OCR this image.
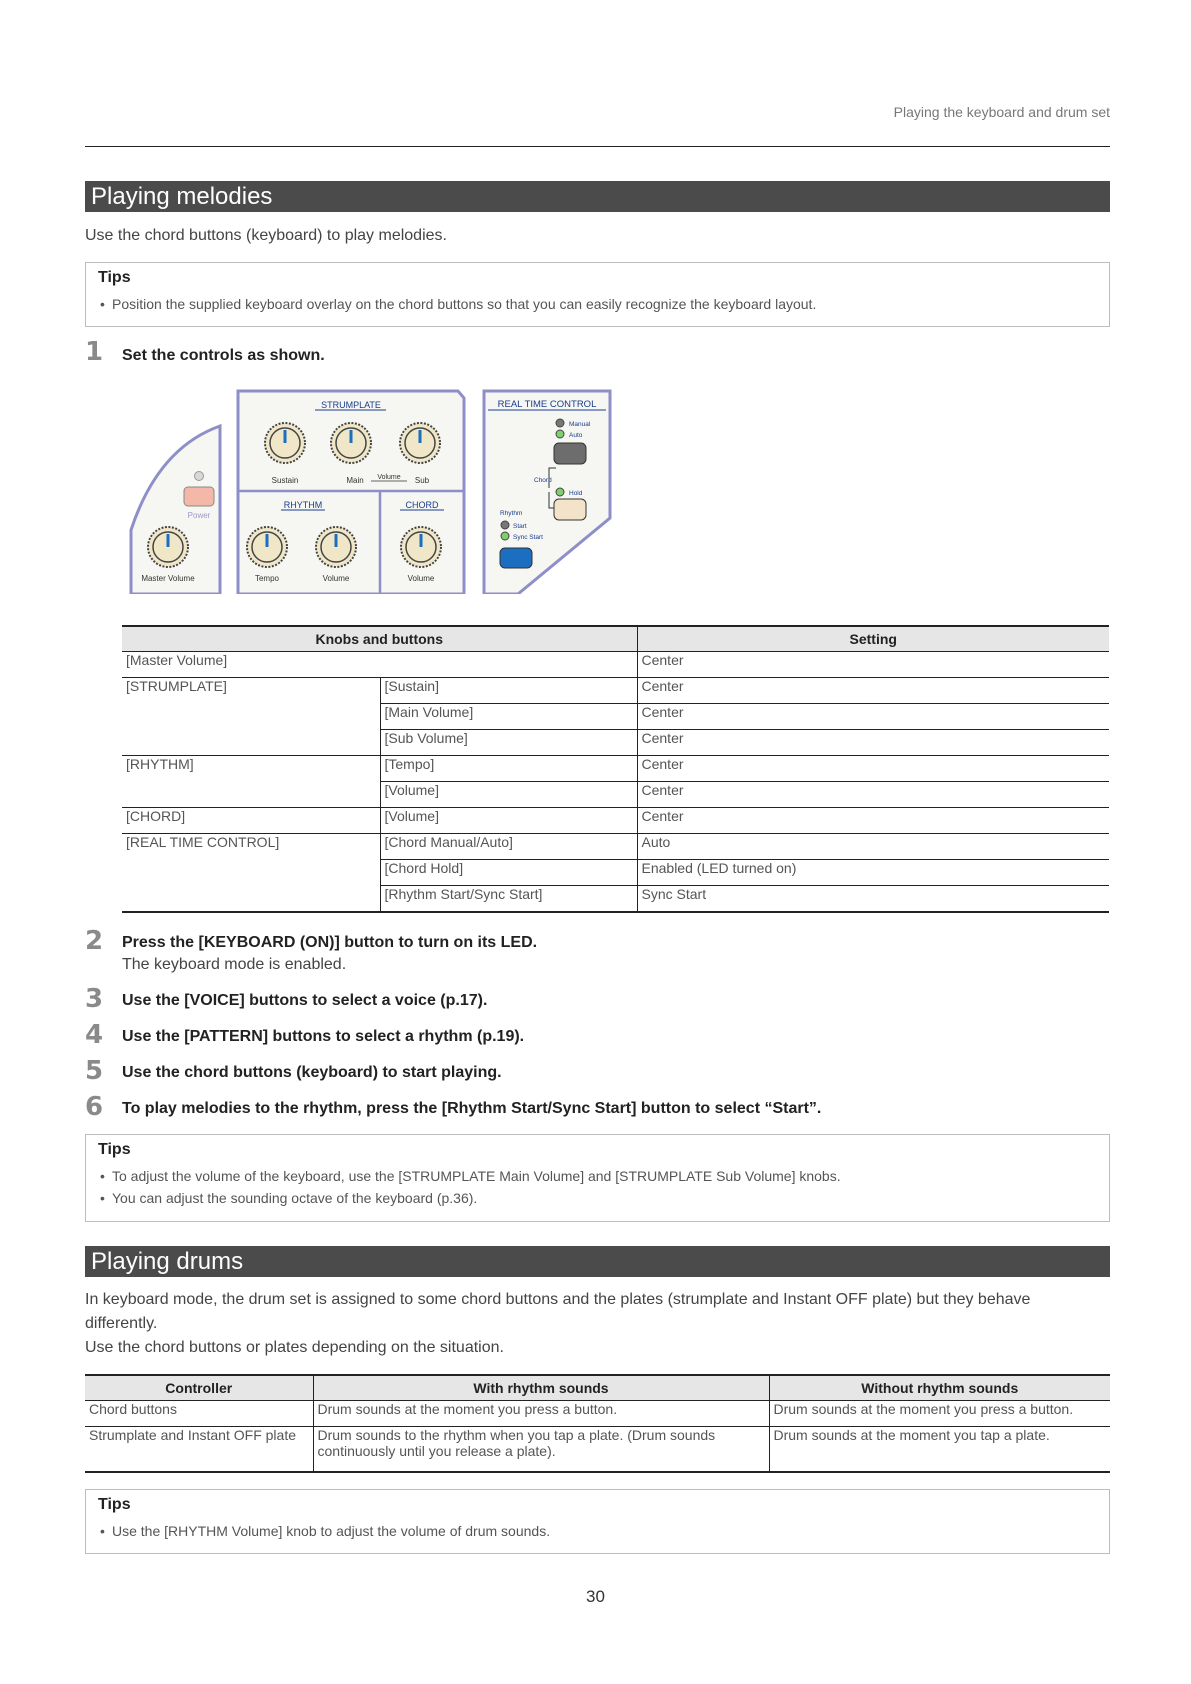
Playing the keyboard and drum set
Playing melodies
Use the chord buttons (keyboard) to play melodies.
Tips
• Position the supplied keyboard overlay on the chord buttons so that you can easily recognize the keyboard layout.
1 Set the controls as shown.
Power
Master Volume
STRUMPLATE
Sustain	Main Volume Sub
RHYTHM
Tempo	Volume
CHORD
Volume
REAL TIME CONTROL
Manual
Auto
Chord
Hold
Rhythm
Start
Sync Start
Knobs and buttons		Setting
[Master Volume]		Center
[STRUMPLATE]	[Sustain]	Center
	[Main Volume]	Center
	[Sub Volume]	Center
[RHYTHM]	[Tempo]	Center
	[Volume]	Center
[CHORD]	[Volume]	Center
[REAL TIME CONTROL]	[Chord Manual/Auto]	Auto
	[Chord Hold]	Enabled (LED turned on)
	[Rhythm Start/Sync Start]	Sync Start
2 Press the [KEYBOARD (ON)] button to turn on its LED.
The keyboard mode is enabled.
3 Use the [VOICE] buttons to select a voice (p.17).
4 Use the [PATTERN] buttons to select a rhythm (p.19).
5 Use the chord buttons (keyboard) to start playing.
6 To play melodies to the rhythm, press the [Rhythm Start/Sync Start] button to select “Start”.
Tips
• To adjust the volume of the keyboard, use the [STRUMPLATE Main Volume] and [STRUMPLATE Sub Volume] knobs.
• You can adjust the sounding octave of the keyboard (p.36).
Playing drums
In keyboard mode, the drum set is assigned to some chord buttons and the plates (strumplate and Instant OFF plate) but they behave differently.
Use the chord buttons or plates depending on the situation.
Controller	With rhythm sounds	Without rhythm sounds
Chord buttons	Drum sounds at the moment you press a button.	Drum sounds at the moment you press a button.
Strumplate and Instant OFF plate	Drum sounds to the rhythm when you tap a plate. (Drum sounds continuously until you release a plate).	Drum sounds at the moment you tap a plate.
Tips
• Use the [RHYTHM Volume] knob to adjust the volume of drum sounds.
30
